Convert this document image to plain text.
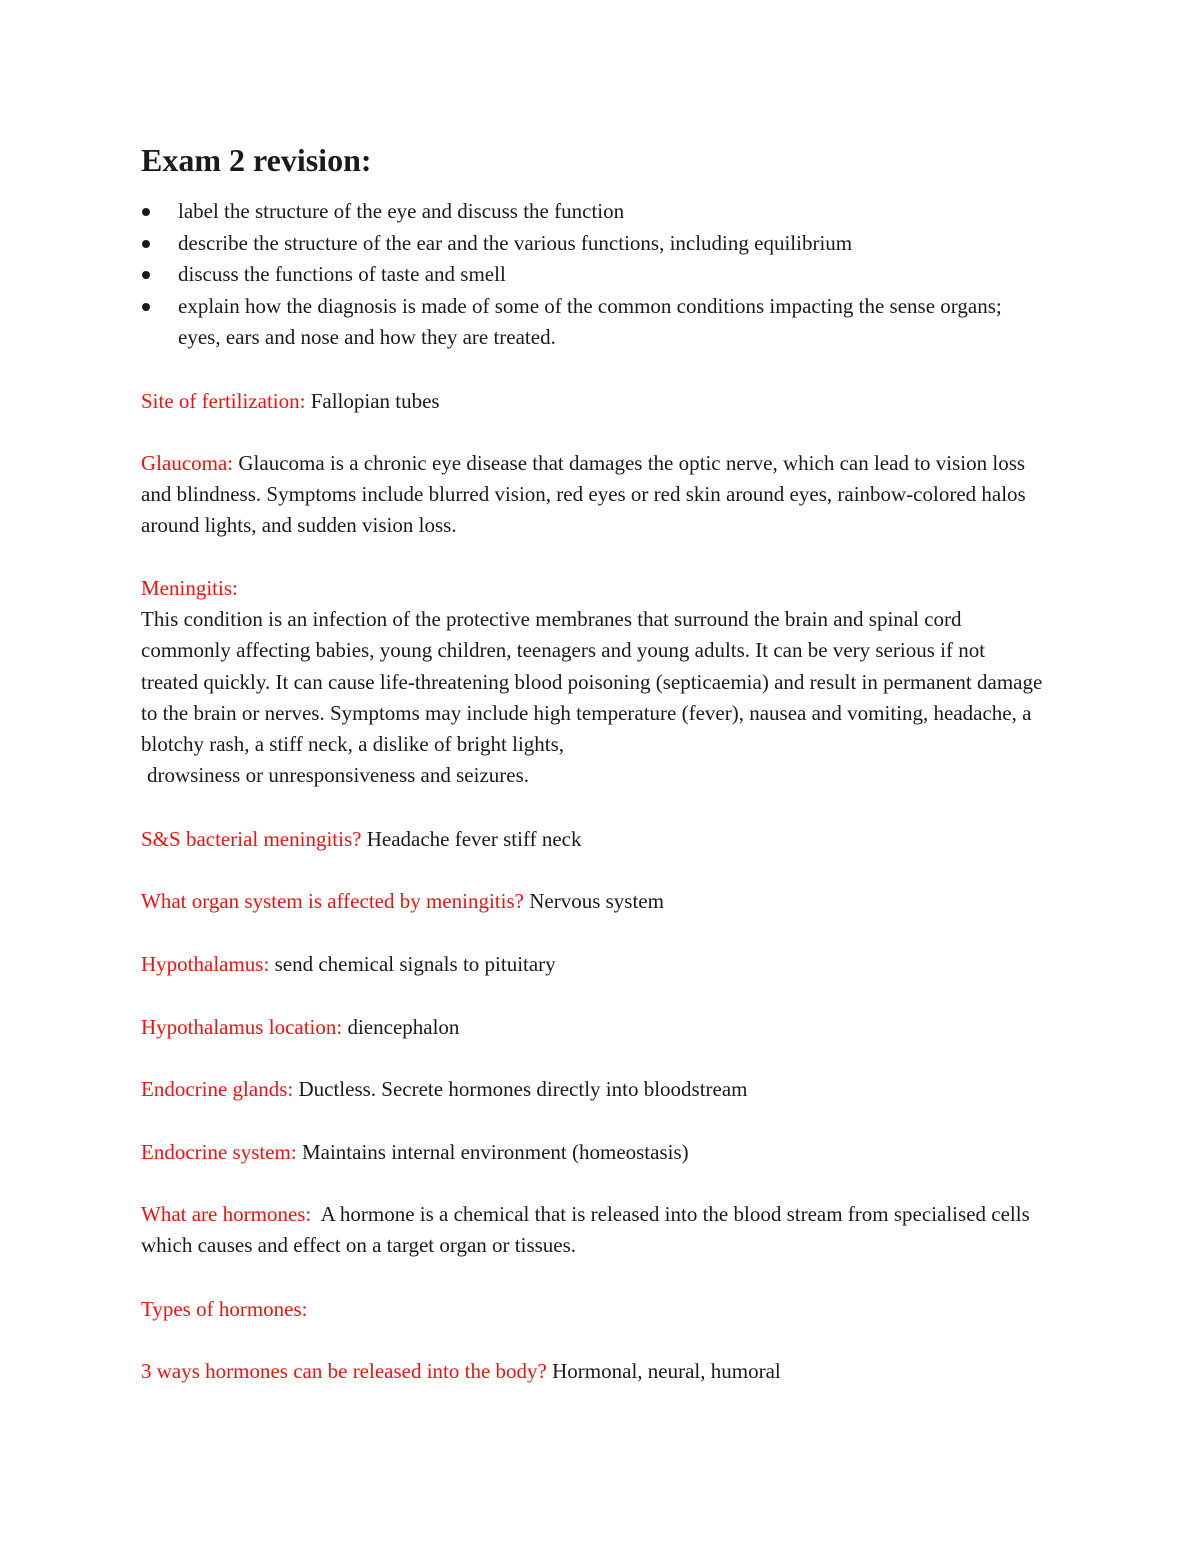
Exam 2 revision:
label the structure of the eye and discuss the function
describe the structure of the ear and the various functions, including equilibrium
discuss the functions of taste and smell
explain how the diagnosis is made of some of the common conditions impacting the sense organs; eyes, ears and nose and how they are treated.

Site of fertilization: Fallopian tubes

Glaucoma: Glaucoma is a chronic eye disease that damages the optic nerve, which can lead to vision loss and blindness. Symptoms include blurred vision, red eyes or red skin around eyes, rainbow-colored halos around lights, and sudden vision loss.

Meningitis:
This condition is an infection of the protective membranes that surround the brain and spinal cord commonly affecting babies, young children, teenagers and young adults. It can be very serious if not treated quickly. It can cause life-threatening blood poisoning (septicaemia) and result in permanent damage to the brain or nerves. Symptoms may include high temperature (fever), nausea and vomiting, headache, a blotchy rash, a stiff neck, a dislike of bright lights,
drowsiness or unresponsiveness and seizures.

S&S bacterial meningitis? Headache fever stiff neck

What organ system is affected by meningitis? Nervous system

Hypothalamus: send chemical signals to pituitary

Hypothalamus location: diencephalon

Endocrine glands: Ductless. Secrete hormones directly into bloodstream

Endocrine system: Maintains internal environment (homeostasis)

What are hormones:  A hormone is a chemical that is released into the blood stream from specialised cells which causes and effect on a target organ or tissues.

Types of hormones:

3 ways hormones can be released into the body? Hormonal, neural, humoral
